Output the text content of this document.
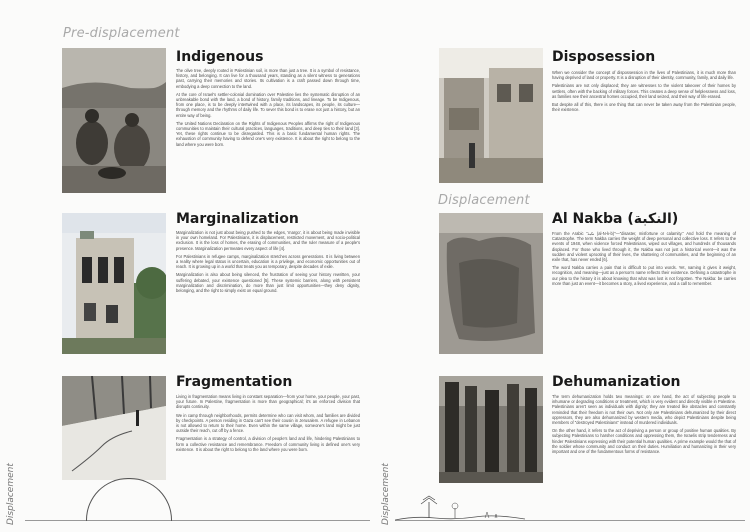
Pre-displacement
Displacement
Displacement	Displacement
Indigenous

The olive tree, deeply rooted in Palestinian soil, is more than just a tree. It is a symbol of resistance, history, and belonging. It can live for a thousand years, standing as a silent witness to generations past, carrying their memories and stories. Its cultivation is a craft passed down through time, embodying a deep connection to the land.

At the core of Israel's settler-colonial domination over Palestine lies the systematic disruption of an unbreakable bond with the land, a bond of history, family traditions, and lineage. To be Indigenous, from one place, is to be deeply intertwined with a place, its landscapes, its people, its culture—through memory and the rhythms of daily life. To sever this bond is to erase not just a history, but an entire way of being.

The United Nations Declaration on the Rights of Indigenous Peoples affirms the right of Indigenous communities to maintain their cultural practices, languages, traditions, and deep ties to their land [3]. Yet, these rights continue to be disregarded. This is a basic fundamental human rights. The exhaustion of community having to defend one's very existence. It is about the right to belong to the land where you were born.

Marginalization

Marginalization is not just about being pushed to the edges, 'margo', it is about being made invisible in your own homeland. For Palestinians, it is displacement, restricted movement, and socio-political exclusion. It is the loss of homes, the erasing of communities, and the ruler measure of a people's presence. Marginalization permeates every aspect of life [4].

For Palestinians in refugee camps, marginalization stretches across generations. It is living between a reality where legal status is uncertain, education is a privilege, and economic opportunities out of reach. It is growing up in a world that treats you as temporary, despite decades of exile.

Marginalization is also about being silenced, the frustration of seeing your history rewritten, your suffering debated, your existence questioned [5]. These systemic barriers, along with persistent marginalization and discrimination, do more than just limit opportunities—they deny dignity, belonging, and the right to simply exist on equal ground.

Fragmentation

Living in fragmentation means living in constant separation—from your home, your people, your past, your future. In Palestine, fragmentation is more than geographical; it's an enforced division that disrupts continuity.

We in camp through neighborhoods, permits determine who can visit whom, and families are divided by checkpoints. A person residing in Gaza can't see their cousin in Jerusalem. A refugee in Lebanon is not allowed to return to their home. Even within the same village, someone's land might be just outside their reach, cut off by a fence.

Fragmentation is a strategy of control, a division of people's land and life, hindering Palestinians to form a collective resistance and remembrance. Freedom of community living is defined one's very existence. It is about the right to belong to the land where you were born.

Disposession

When we consider the concept of dispossession in the lives of Palestinians, it is much more than having deprived of land or property. It is a disruption of their identity, community, family, and daily life.

Palestinians are not only displaced; they are witnesses to the violent takeover of their homes by settlers, often with the backing of military forces. This creates a deep sense of helplessness and loss, as families see their ancestral homes occupied, their land seized, and their way of life erased.

But despite all of this, there is one thing that can never be taken away from the Palestinian people, their existence.

Al Nakba (النكبة)

From the Arabic "نكبة (al-N-k-b)"—"disaster, misfortune or calamity." And hold the meaning of Catastrophe. The term Nakba carries the weight of deep personal and collective loss. It refers to the events of 1948, when violence forced Palestinians, wiped out villages, and hundreds of thousands displaced. For those who lived through it, the Nakba was not just a historical event—it was the sudden and violent uprooting of their lives, the shattering of communities, and the beginning of an exile that, has never ended [6].

The word Nakba carries a pain that is difficult to put into words. Yet, naming it gives it weight, recognition, and meaning—just as a person's name reflects their existence. Defining a catastrophe in our plea to the history it is about knowing that what was lost is not forgotten. The Nakba: be carries more than just an event—it becomes a story, a lived experience, and a call to remember.

Dehumanization

The term dehumanization holds two meanings: on one hand, the act of subjecting people to inhumane or degrading conditions or treatment, which is very evident and directly visible in Palestine. Palestinians aren't seen as individuals with dignity; they are treated like obstacles and constantly reminded that their freedom is not their own. Not only are Palestinians dehumanized by their direct oppressors, they are also dehumanized by western media, who depict Palestinians despite being members of "destroyed Palestinians" instead of murdered individuals.

On the other hand, it refers to the act of depriving a person or group of positive human qualities. By subjecting Palestinians to harsher conditions and oppressing them, the Israelis strip tenderness and hinder Palestinians expressing with their potential human qualities. A prime example would the that of the soldier whose community and conduct on their duties. Humiliation and humanizing in their very important and one of the fundamentous forms of resistance.
